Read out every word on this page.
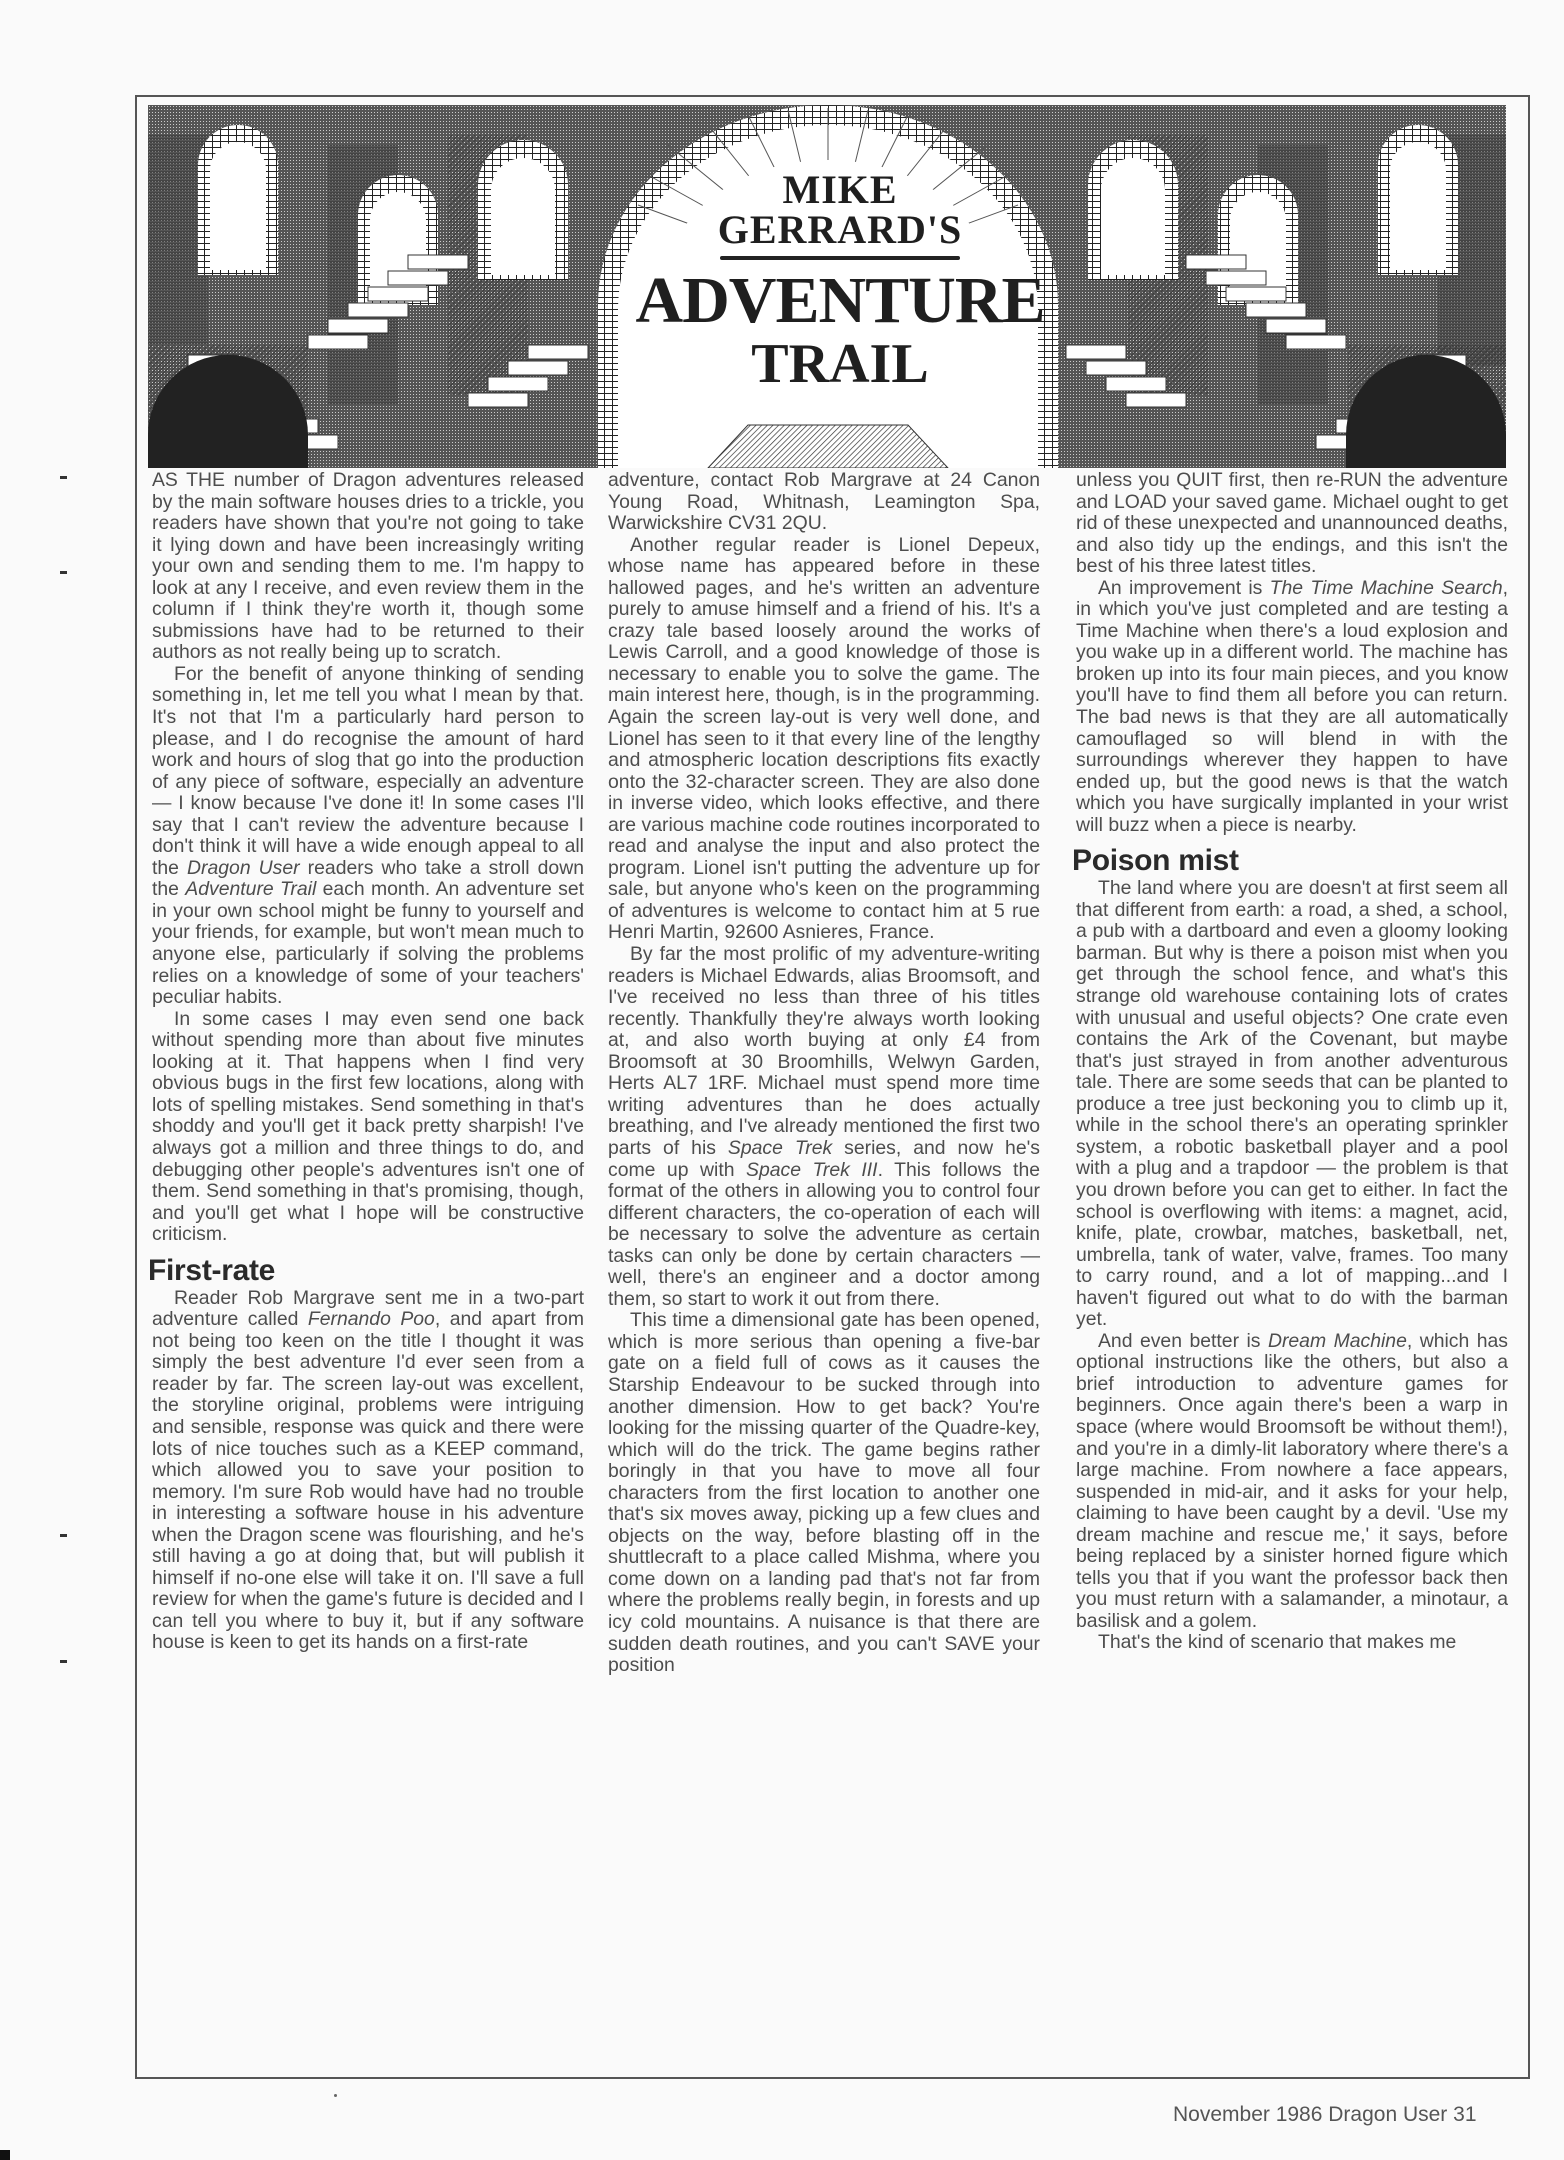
MIKE
GERRARD'S
ADVENTURE
TRAIL

AS THE number of Dragon adventures released by the main software houses dries to a trickle, you readers have shown that you're not going to take it lying down and have been increasingly writing your own and sending them to me. I'm happy to look at any I receive, and even review them in the column if I think they're worth it, though some submissions have had to be returned to their authors as not really being up to scratch.

For the benefit of anyone thinking of sending something in, let me tell you what I mean by that. It's not that I'm a particularly hard person to please, and I do recognise the amount of hard work and hours of slog that go into the production of any piece of software, especially an adventure — I know because I've done it! In some cases I'll say that I can't review the adventure because I don't think it will have a wide enough appeal to all the Dragon User readers who take a stroll down the Adventure Trail each month. An adventure set in your own school might be funny to yourself and your friends, for example, but won't mean much to anyone else, particularly if solving the problems relies on a knowledge of some of your teachers' peculiar habits.

In some cases I may even send one back without spending more than about five minutes looking at it. That happens when I find very obvious bugs in the first few locations, along with lots of spelling mistakes. Send something in that's shoddy and you'll get it back pretty sharpish! I've always got a million and three things to do, and debugging other people's adventures isn't one of them. Send something in that's promising, though, and you'll get what I hope will be constructive criticism.

First-rate

Reader Rob Margrave sent me in a two-part adventure called Fernando Poo, and apart from not being too keen on the title I thought it was simply the best adventure I'd ever seen from a reader by far. The screen lay-out was excellent, the storyline original, problems were intriguing and sensible, response was quick and there were lots of nice touches such as a KEEP command, which allowed you to save your position to memory. I'm sure Rob would have had no trouble in interesting a software house in his adventure when the Dragon scene was flourishing, and he's still having a go at doing that, but will publish it himself if no-one else will take it on. I'll save a full review for when the game's future is decided and I can tell you where to buy it, but if any software house is keen to get its hands on a first-rate

adventure, contact Rob Margrave at 24 Canon Young Road, Whitnash, Leamington Spa, Warwickshire CV31 2QU.

Another regular reader is Lionel Depeux, whose name has appeared before in these hallowed pages, and he's written an adventure purely to amuse himself and a friend of his. It's a crazy tale based loosely around the works of Lewis Carroll, and a good knowledge of those is necessary to enable you to solve the game. The main interest here, though, is in the programming. Again the screen lay-out is very well done, and Lionel has seen to it that every line of the lengthy and atmospheric location descriptions fits exactly onto the 32-character screen. They are also done in inverse video, which looks effective, and there are various machine code routines incorporated to read and analyse the input and also protect the program. Lionel isn't putting the adventure up for sale, but anyone who's keen on the programming of adventures is welcome to contact him at 5 rue Henri Martin, 92600 Asnieres, France.

By far the most prolific of my adventure-writing readers is Michael Edwards, alias Broomsoft, and I've received no less than three of his titles recently. Thankfully they're always worth looking at, and also worth buying at only £4 from Broomsoft at 30 Broomhills, Welwyn Garden, Herts AL7 1RF. Michael must spend more time writing adventures than he does actually breathing, and I've already mentioned the first two parts of his Space Trek series, and now he's come up with Space Trek III. This follows the format of the others in allowing you to control four different characters, the co-operation of each will be necessary to solve the adventure as certain tasks can only be done by certain characters — well, there's an engineer and a doctor among them, so start to work it out from there.

This time a dimensional gate has been opened, which is more serious than opening a five-bar gate on a field full of cows as it causes the Starship Endeavour to be sucked through into another dimension. How to get back? You're looking for the missing quarter of the Quadre-key, which will do the trick. The game begins rather boringly in that you have to move all four characters from the first location to another one that's six moves away, picking up a few clues and objects on the way, before blasting off in the shuttlecraft to a place called Mishma, where you come down on a landing pad that's not far from where the problems really begin, in forests and up icy cold mountains. A nuisance is that there are sudden death routines, and you can't SAVE your position

unless you QUIT first, then re-RUN the adventure and LOAD your saved game. Michael ought to get rid of these unexpected and unannounced deaths, and also tidy up the endings, and this isn't the best of his three latest titles.

An improvement is The Time Machine Search, in which you've just completed and are testing a Time Machine when there's a loud explosion and you wake up in a different world. The machine has broken up into its four main pieces, and you know you'll have to find them all before you can return. The bad news is that they are all automatically camouflaged so will blend in with the surroundings wherever they happen to have ended up, but the good news is that the watch which you have surgically implanted in your wrist will buzz when a piece is nearby.

Poison mist

The land where you are doesn't at first seem all that different from earth: a road, a shed, a school, a pub with a dartboard and even a gloomy looking barman. But why is there a poison mist when you get through the school fence, and what's this strange old warehouse containing lots of crates with unusual and useful objects? One crate even contains the Ark of the Covenant, but maybe that's just strayed in from another adventurous tale. There are some seeds that can be planted to produce a tree just beckoning you to climb up it, while in the school there's an operating sprinkler system, a robotic basketball player and a pool with a plug and a trapdoor — the problem is that you drown before you can get to either. In fact the school is overflowing with items: a magnet, acid, knife, plate, crowbar, matches, basketball, net, umbrella, tank of water, valve, frames. Too many to carry round, and a lot of mapping...and I haven't figured out what to do with the barman yet.

And even better is Dream Machine, which has optional instructions like the others, but also a brief introduction to adventure games for beginners. Once again there's been a warp in space (where would Broomsoft be without them!), and you're in a dimly-lit laboratory where there's a large machine. From nowhere a face appears, suspended in mid-air, and it asks for your help, claiming to have been caught by a devil. 'Use my dream machine and rescue me,' it says, before being replaced by a sinister horned figure which tells you that if you want the professor back then you must return with a salamander, a minotaur, a basilisk and a golem.

That's the kind of scenario that makes me

November 1986 Dragon User 31
